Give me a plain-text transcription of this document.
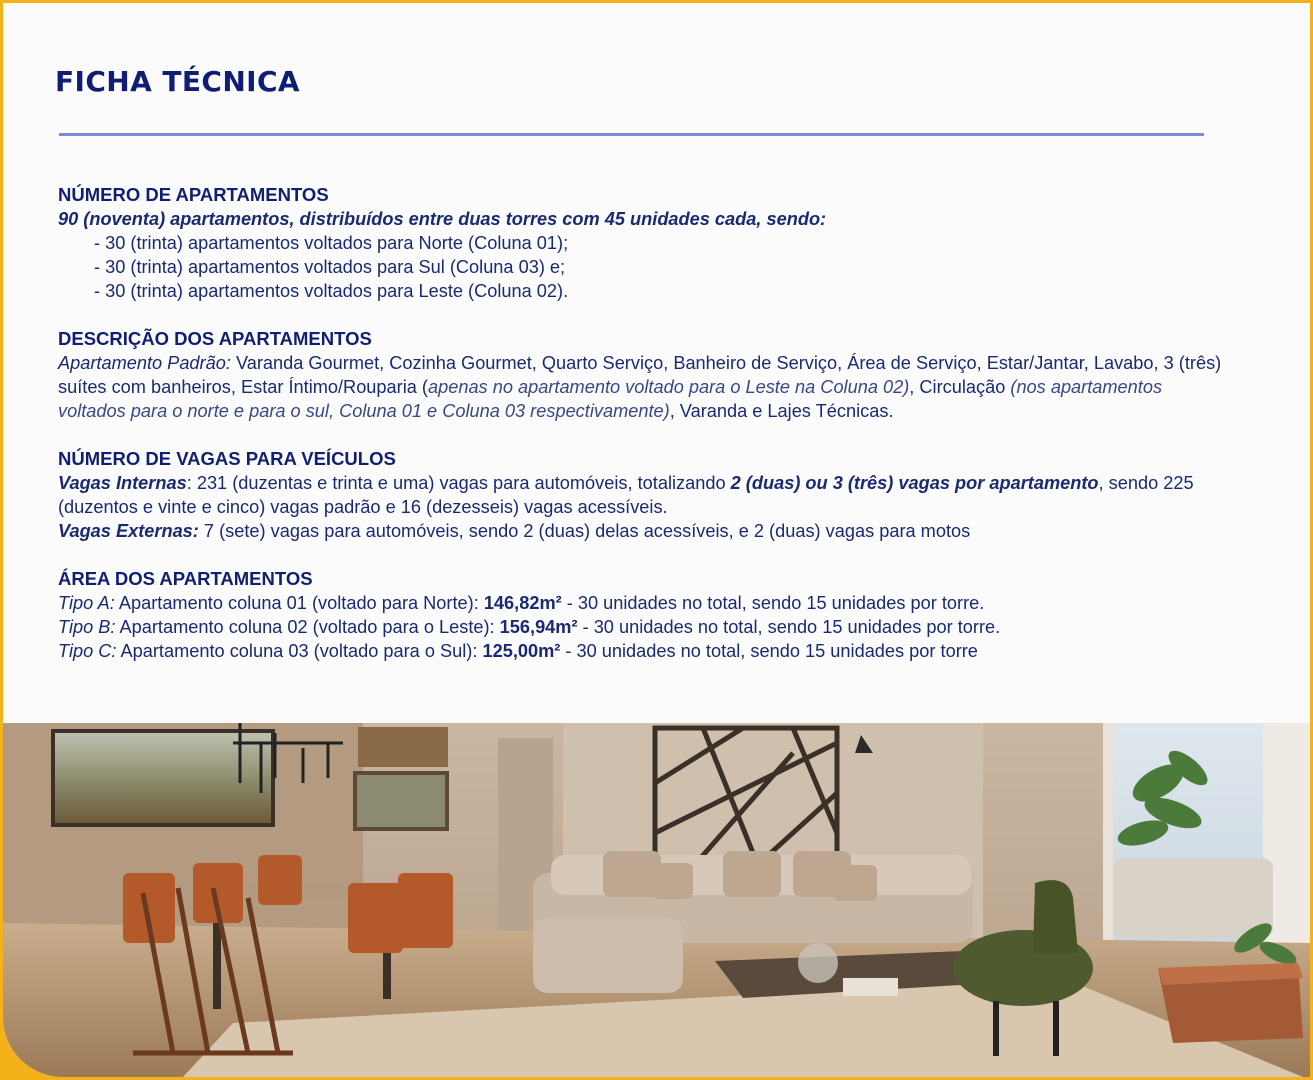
FICHA TÉCNICA
NÚMERO DE APARTAMENTOS
90 (noventa) apartamentos, distribuídos entre duas torres com 45 unidades cada, sendo:
- 30 (trinta) apartamentos voltados para Norte (Coluna 01);
- 30 (trinta) apartamentos voltados para Sul (Coluna 03) e;
- 30 (trinta) apartamentos voltados para Leste (Coluna 02).
DESCRIÇÃO DOS APARTAMENTOS
Apartamento Padrão: Varanda Gourmet, Cozinha Gourmet, Quarto Serviço, Banheiro de Serviço, Área de Serviço, Estar/Jantar, Lavabo, 3 (três) suítes com banheiros, Estar Íntimo/Rouparia (apenas no apartamento voltado para o Leste na Coluna 02), Circulação (nos apartamentos voltados para o norte e para o sul, Coluna 01 e Coluna 03 respectivamente), Varanda e Lajes Técnicas.
NÚMERO DE VAGAS PARA VEÍCULOS
Vagas Internas: 231 (duzentas e trinta e uma) vagas para automóveis, totalizando 2 (duas) ou 3 (três) vagas por apartamento, sendo 225 (duzentos e vinte e cinco) vagas padrão e 16 (dezesseis) vagas acessíveis.
Vagas Externas: 7 (sete) vagas para automóveis, sendo 2 (duas) delas acessíveis, e 2 (duas) vagas para motos
ÁREA DOS APARTAMENTOS
Tipo A: Apartamento coluna 01 (voltado para Norte): 146,82m² - 30 unidades no total, sendo 15 unidades por torre.
Tipo B: Apartamento coluna 02 (voltado para o Leste): 156,94m² - 30 unidades no total, sendo 15 unidades por torre.
Tipo C: Apartamento coluna 03 (voltado para o Sul): 125,00m² - 30 unidades no total, sendo 15 unidades por torre
